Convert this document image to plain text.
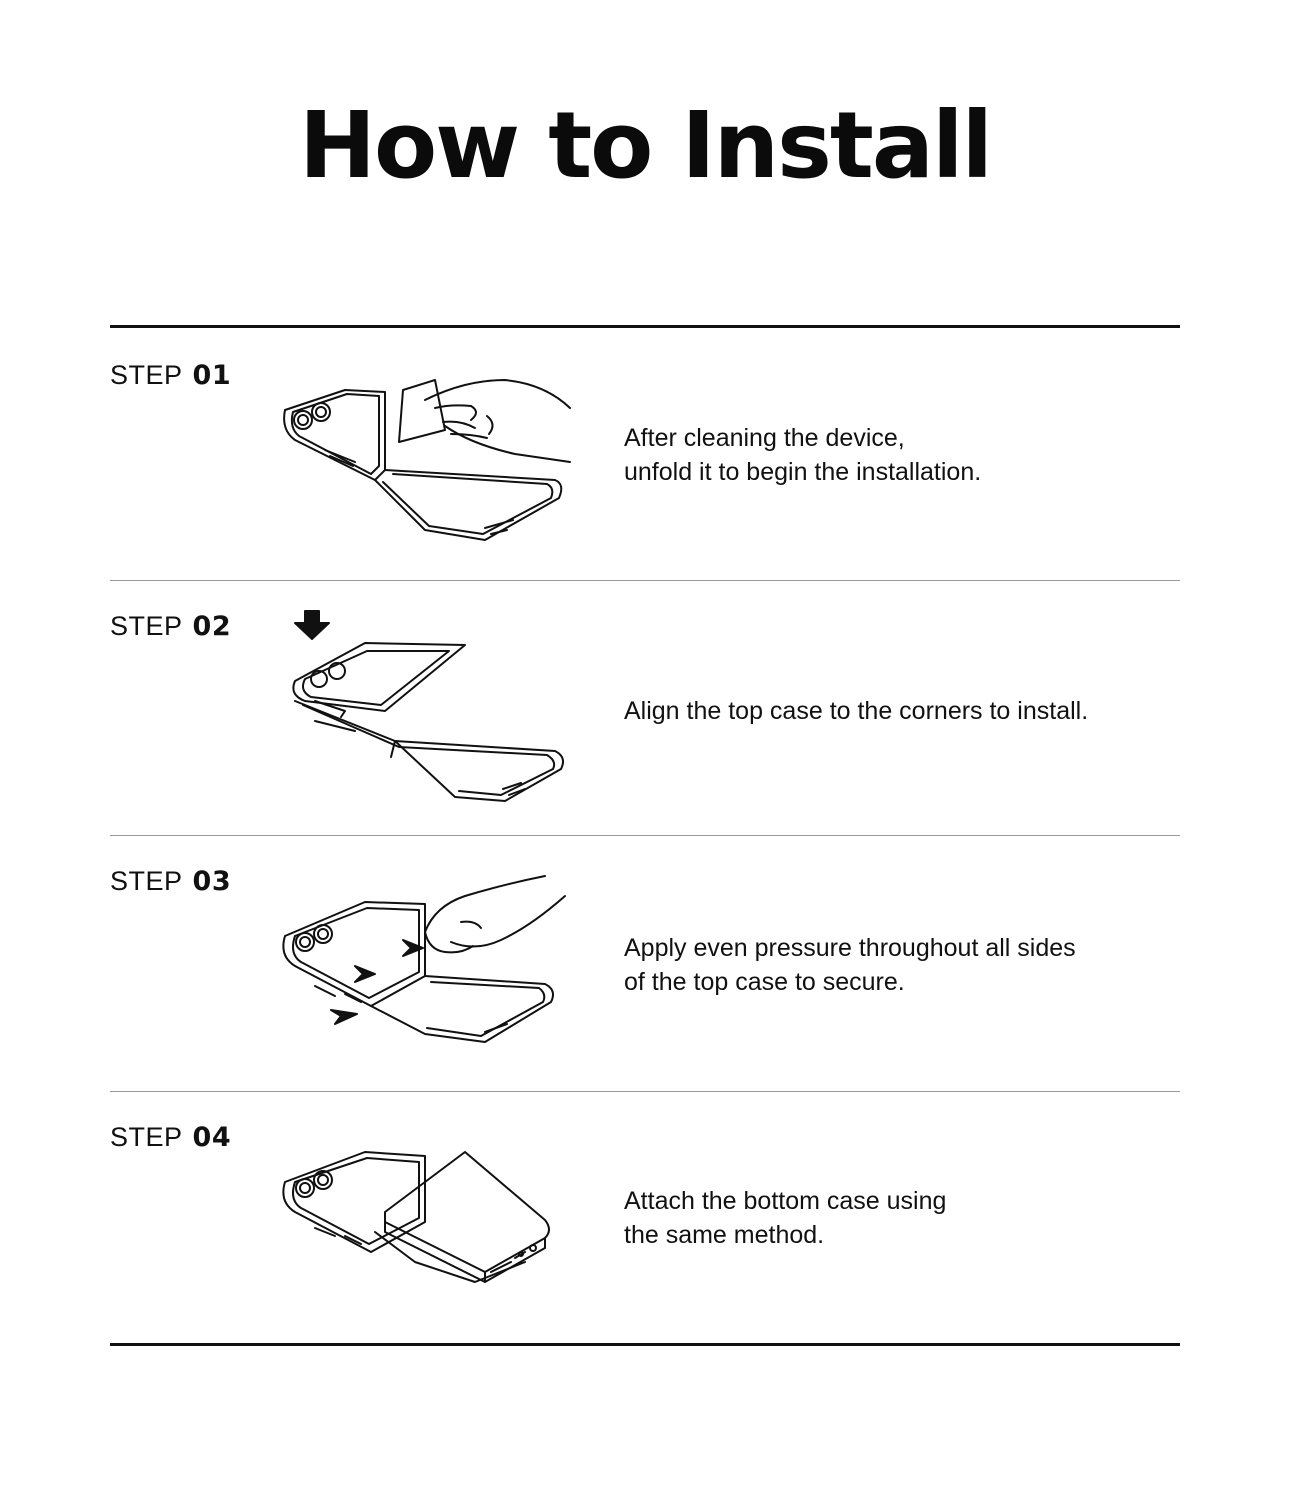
How to Install
STEP 01
After cleaning the device,
unfold it to begin the installation.
STEP 02
Align the top case to the corners to install.
STEP 03
Apply even pressure throughout all sides
of the top case to secure.
STEP 04
Attach the bottom case using
the same method.
